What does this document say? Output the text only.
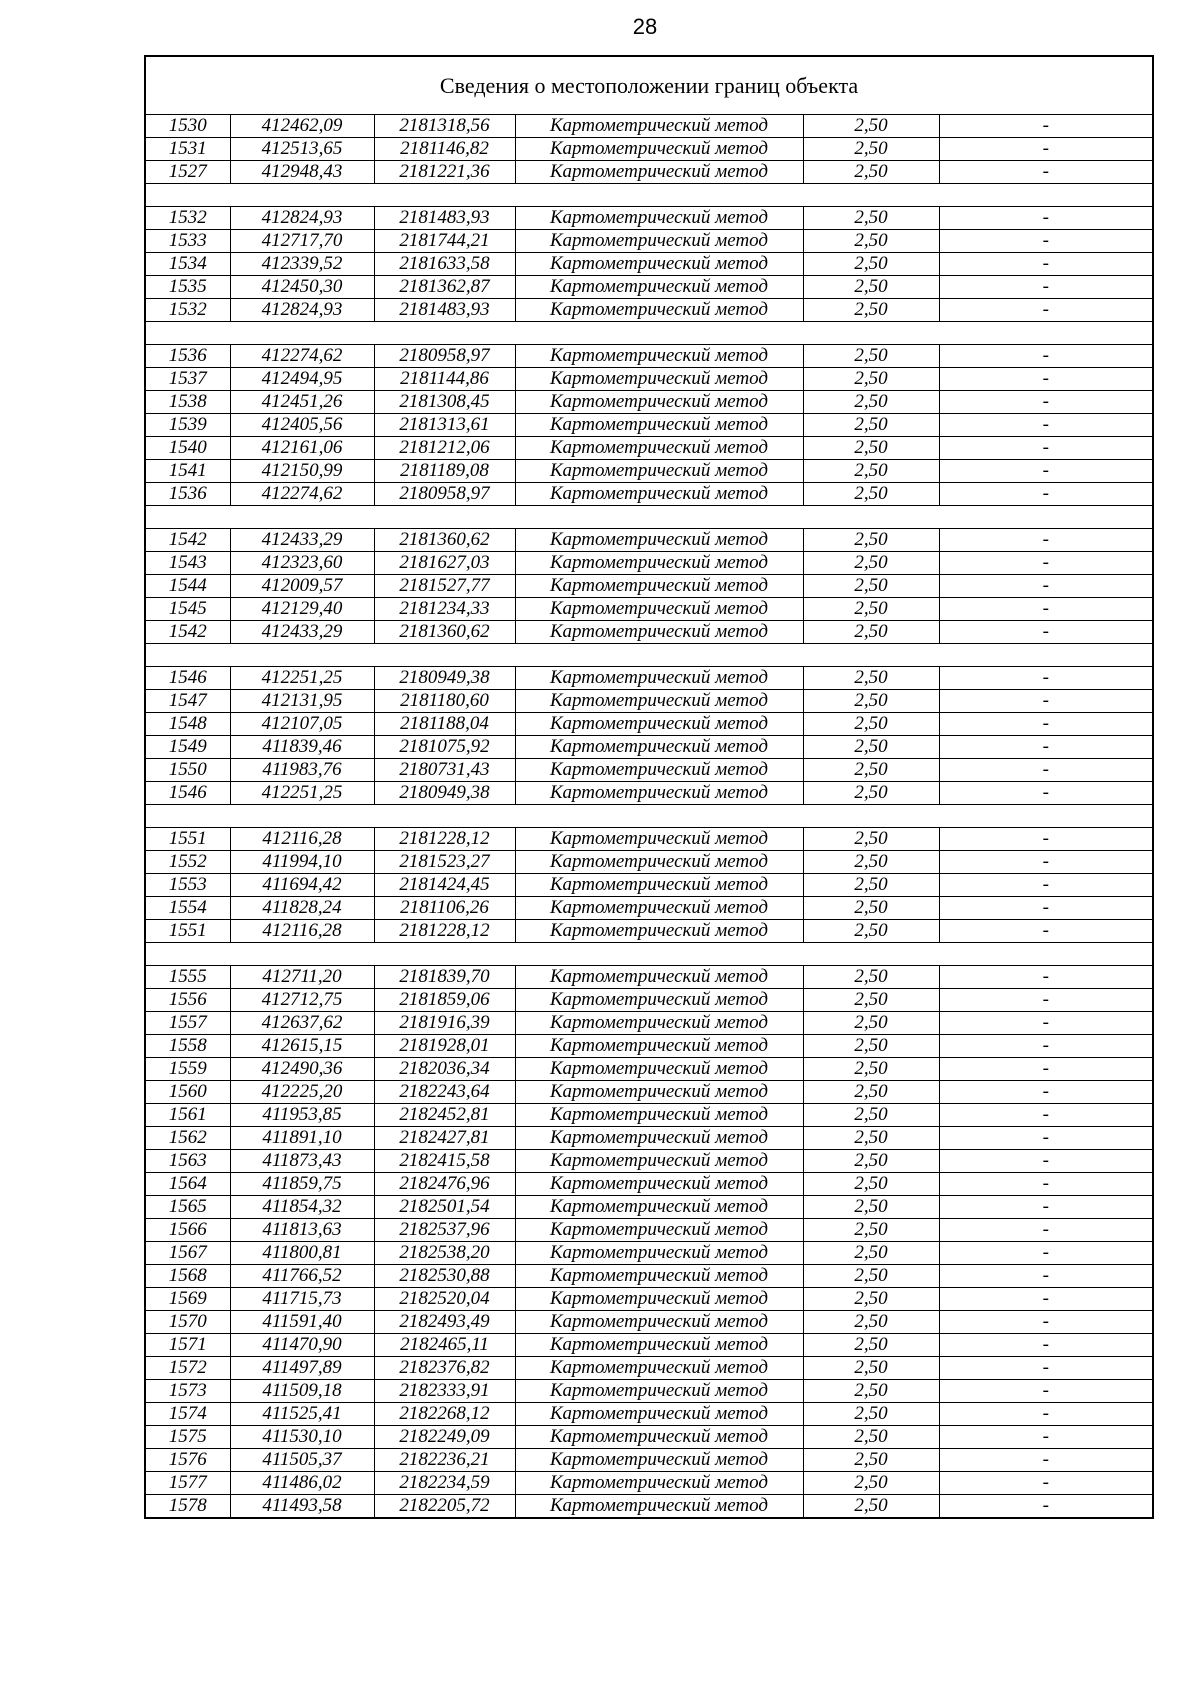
28
Сведения о местоположении границ объекта					
1530	412462,09	2181318,56	Картометрический метод	2,50	-
1531	412513,65	2181146,82	Картометрический метод	2,50	-
1527	412948,43	2181221,36	Картометрический метод	2,50	-

1532	412824,93	2181483,93	Картометрический метод	2,50	-
1533	412717,70	2181744,21	Картометрический метод	2,50	-
1534	412339,52	2181633,58	Картометрический метод	2,50	-
1535	412450,30	2181362,87	Картометрический метод	2,50	-
1532	412824,93	2181483,93	Картометрический метод	2,50	-

1536	412274,62	2180958,97	Картометрический метод	2,50	-
1537	412494,95	2181144,86	Картометрический метод	2,50	-
1538	412451,26	2181308,45	Картометрический метод	2,50	-
1539	412405,56	2181313,61	Картометрический метод	2,50	-
1540	412161,06	2181212,06	Картометрический метод	2,50	-
1541	412150,99	2181189,08	Картометрический метод	2,50	-
1536	412274,62	2180958,97	Картометрический метод	2,50	-

1542	412433,29	2181360,62	Картометрический метод	2,50	-
1543	412323,60	2181627,03	Картометрический метод	2,50	-
1544	412009,57	2181527,77	Картометрический метод	2,50	-
1545	412129,40	2181234,33	Картометрический метод	2,50	-
1542	412433,29	2181360,62	Картометрический метод	2,50	-

1546	412251,25	2180949,38	Картометрический метод	2,50	-
1547	412131,95	2181180,60	Картометрический метод	2,50	-
1548	412107,05	2181188,04	Картометрический метод	2,50	-
1549	411839,46	2181075,92	Картометрический метод	2,50	-
1550	411983,76	2180731,43	Картометрический метод	2,50	-
1546	412251,25	2180949,38	Картометрический метод	2,50	-

1551	412116,28	2181228,12	Картометрический метод	2,50	-
1552	411994,10	2181523,27	Картометрический метод	2,50	-
1553	411694,42	2181424,45	Картометрический метод	2,50	-
1554	411828,24	2181106,26	Картометрический метод	2,50	-
1551	412116,28	2181228,12	Картометрический метод	2,50	-

1555	412711,20	2181839,70	Картометрический метод	2,50	-
1556	412712,75	2181859,06	Картометрический метод	2,50	-
1557	412637,62	2181916,39	Картометрический метод	2,50	-
1558	412615,15	2181928,01	Картометрический метод	2,50	-
1559	412490,36	2182036,34	Картометрический метод	2,50	-
1560	412225,20	2182243,64	Картометрический метод	2,50	-
1561	411953,85	2182452,81	Картометрический метод	2,50	-
1562	411891,10	2182427,81	Картометрический метод	2,50	-
1563	411873,43	2182415,58	Картометрический метод	2,50	-
1564	411859,75	2182476,96	Картометрический метод	2,50	-
1565	411854,32	2182501,54	Картометрический метод	2,50	-
1566	411813,63	2182537,96	Картометрический метод	2,50	-
1567	411800,81	2182538,20	Картометрический метод	2,50	-
1568	411766,52	2182530,88	Картометрический метод	2,50	-
1569	411715,73	2182520,04	Картометрический метод	2,50	-
1570	411591,40	2182493,49	Картометрический метод	2,50	-
1571	411470,90	2182465,11	Картометрический метод	2,50	-
1572	411497,89	2182376,82	Картометрический метод	2,50	-
1573	411509,18	2182333,91	Картометрический метод	2,50	-
1574	411525,41	2182268,12	Картометрический метод	2,50	-
1575	411530,10	2182249,09	Картометрический метод	2,50	-
1576	411505,37	2182236,21	Картометрический метод	2,50	-
1577	411486,02	2182234,59	Картометрический метод	2,50	-
1578	411493,58	2182205,72	Картометрический метод	2,50	-
